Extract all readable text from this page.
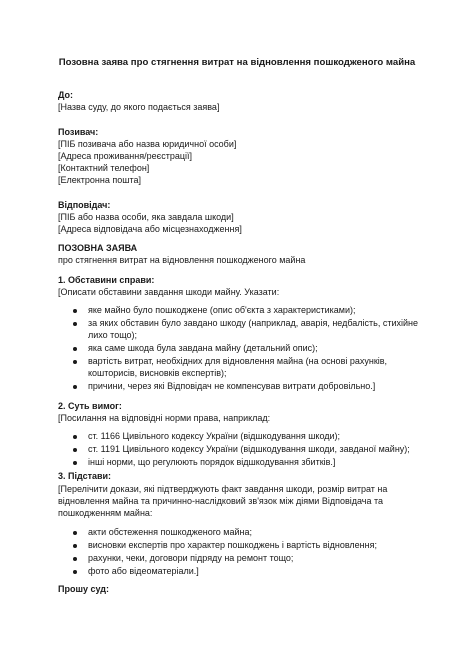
Позовна заява про стягнення витрат на відновлення пошкодженого майна
До:
[Назва суду, до якого подається заява]
Позивач:
[ПІБ позивача або назва юридичної особи]
[Адреса проживання/реєстрації]
[Контактний телефон]
[Електронна пошта]
Відповідач:
[ПІБ або назва особи, яка завдала шкоди]
[Адреса відповідача або місцезнаходження]
ПОЗОВНА ЗАЯВА
про стягнення витрат на відновлення пошкодженого майна
1. Обставини справи:
[Описати обставини завдання шкоди майну. Указати:
яке майно було пошкоджене (опис об'єкта з характеристиками);
за яких обставин було завдано шкоду (наприклад, аварія, недбалість, стихійне
лихо тощо);
яка саме шкода була завдана майну (детальний опис);
вартість витрат, необхідних для відновлення майна (на основі рахунків,
кошторисів, висновків експертів);
причини, через які Відповідач не компенсував витрати добровільно.]
2. Суть вимог:
[Посилання на відповідні норми права, наприклад:
ст. 1166 Цивільного кодексу України (відшкодування шкоди);
ст. 1191 Цивільного кодексу України (відшкодування шкоди, завданої майну);
інші норми, що регулюють порядок відшкодування збитків.]
3. Підстави:
[Перелічити докази, які підтверджують факт завдання шкоди, розмір витрат на
відновлення майна та причинно-наслідковий зв'язок між діями Відповідача та
пошкодженням майна:
акти обстеження пошкодженого майна;
висновки експертів про характер пошкоджень і вартість відновлення;
рахунки, чеки, договори підряду на ремонт тощо;
фото або відеоматеріали.]
Прошу суд:
